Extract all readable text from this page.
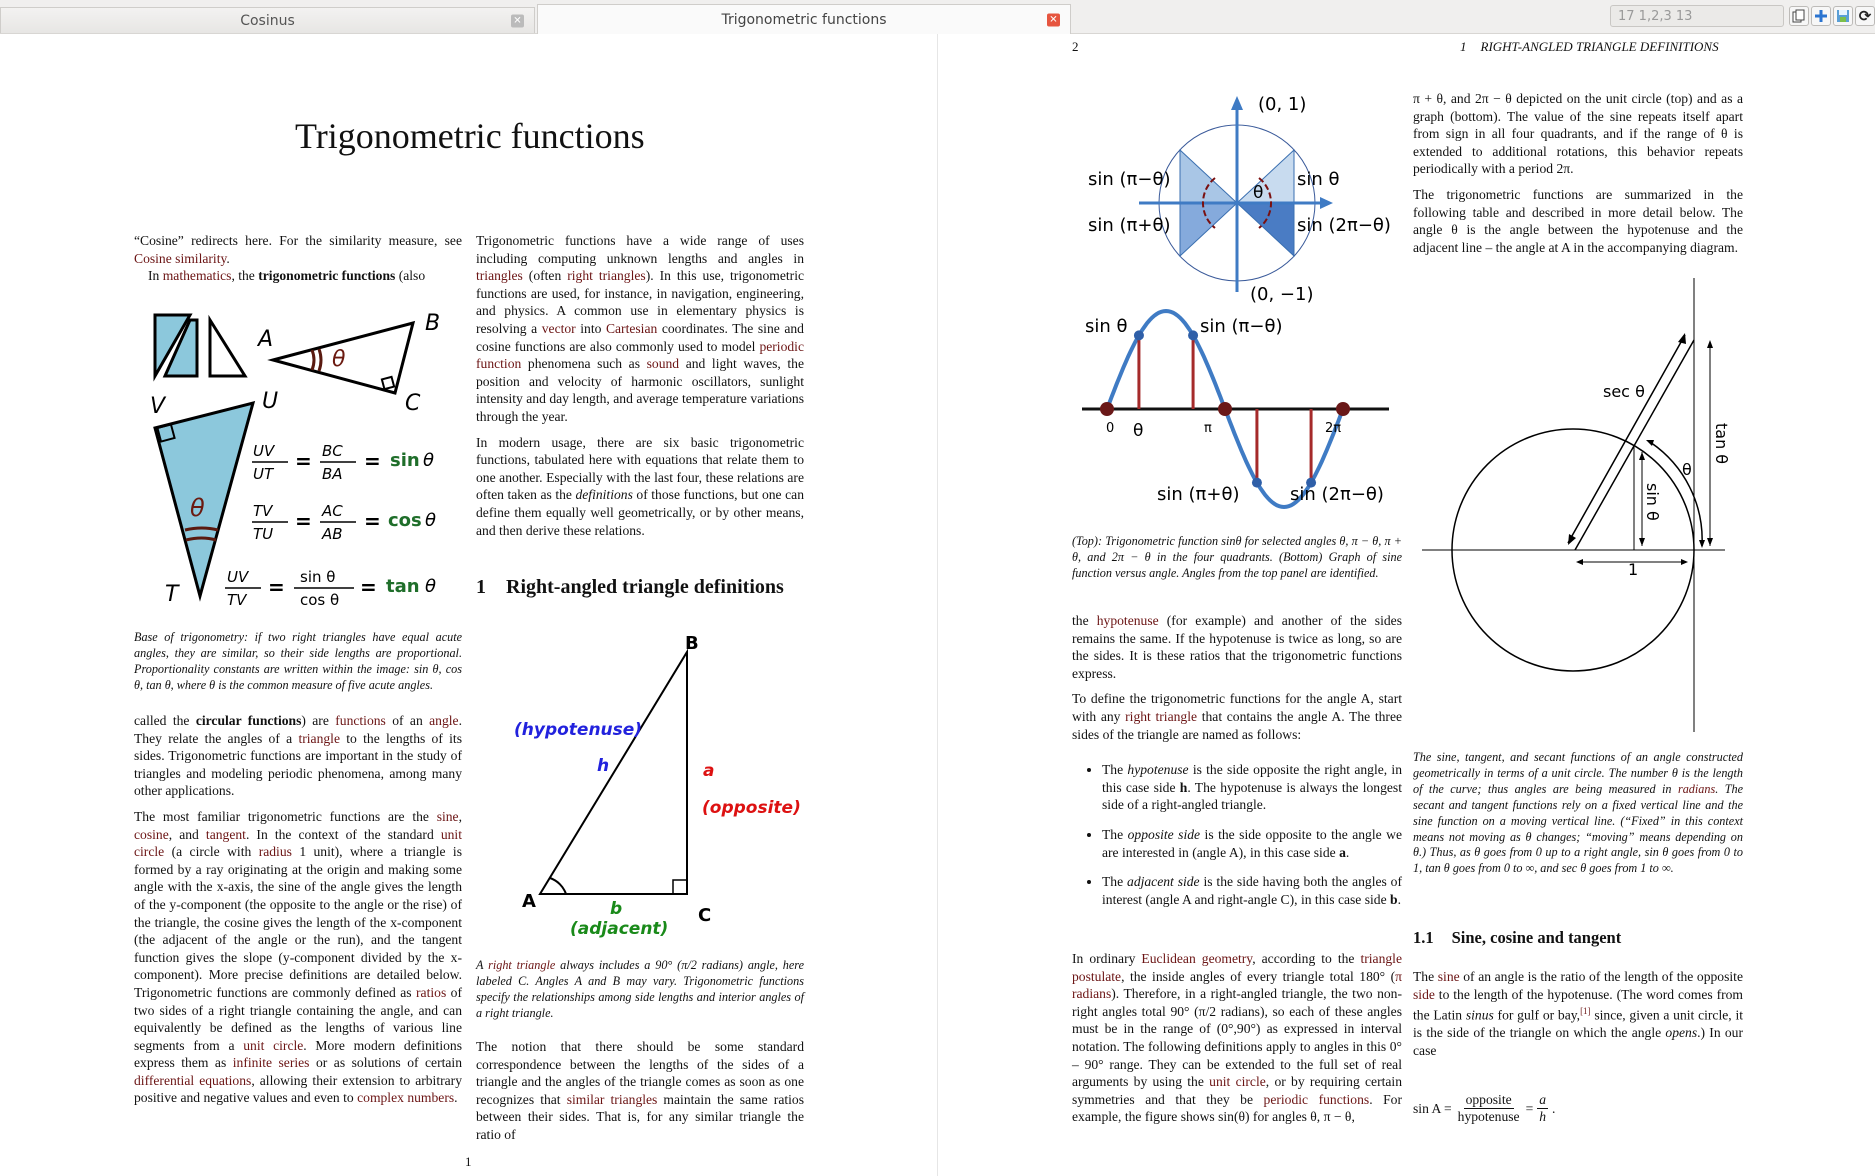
Cosinus	✕	Trigonometric functions	✕	17 1,2,3 13	⟳
Trigonometric functions

“Cosine” redirects here. For the similarity measure, see Cosine similarity.

In mathematics, the trigonometric functions (also

A
B
C
θ
V	U
T
θ
UV
UT
= BC
BA
= sin θ
TV
TU
= AC
AB
= cos θ
UV
TV
= sin θ
cos θ
= tan θ
Base of trigonometry: if two right triangles have equal acute angles, they are similar, so their side lengths are proportional. Proportionality constants are written within the image: sin θ, cos θ, tan θ, where θ is the common measure of five acute angles.

called the circular functions) are functions of an angle. They relate the angles of a triangle to the lengths of its sides. Trigonometric functions are important in the study of triangles and modeling periodic phenomena, among many other applications.

The most familiar trigonometric functions are the sine, cosine, and tangent. In the context of the standard unit circle (a circle with radius 1 unit), where a triangle is formed by a ray originating at the origin and making some angle with the x-axis, the sine of the angle gives the length of the y-component (the opposite to the angle or the rise) of the triangle, the cosine gives the length of the x-component (the adjacent of the angle or the run), and the tangent function gives the slope (y-component divided by the x-component). More precise definitions are detailed below. Trigonometric functions are commonly defined as ratios of two sides of a right triangle containing the angle, and can equivalently be defined as the lengths of various line segments from a unit circle. More modern definitions express them as infinite series or as solutions of certain differential equations, allowing their extension to arbitrary positive and negative values and even to complex numbers.

Trigonometric functions have a wide range of uses including computing unknown lengths and angles in triangles (often right triangles). In this use, trigonometric functions are used, for instance, in navigation, engineering, and physics. A common use in elementary physics is resolving a vector into Cartesian coordinates. The sine and cosine functions are also commonly used to model periodic function phenomena such as sound and light waves, the position and velocity of harmonic oscillators, sunlight intensity and day length, and average temperature variations through the year.

In modern usage, there are six basic trigonometric functions, tabulated here with equations that relate them to one another. Especially with the last four, these relations are often taken as the definitions of those functions, but one can define them equally well geometrically, or by other means, and then derive these relations.

1 Right-angled triangle definitions
A
B
C
(hypotenuse)
h	a
(opposite)
b
(adjacent)
A right triangle always includes a 90° (π/2 radians) angle, here labeled C. Angles A and B may vary. Trigonometric functions specify the relationships among side lengths and interior angles of a right triangle.

The notion that there should be some standard correspondence between the lengths of the sides of a triangle and the angles of the triangle comes as soon as one recognizes that similar triangles maintain the same ratios between their sides. That is, for any similar triangle the ratio of

1
2	1 RIGHT-ANGLED TRIANGLE DEFINITIONS
(0, 1)
(0, −1)
sin (π−θ)
sin (π+θ)
sin θ
sin (2π−θ)
θ
sin θ	sin (π−θ)
sin (π+θ)	sin (2π−θ)
0 θ	π	2π
(Top): Trigonometric function sinθ for selected angles θ, π − θ, π + θ, and 2π − θ in the four quadrants. (Bottom) Graph of sine function versus angle. Angles from the top panel are identified.

the hypotenuse (for example) and another of the sides remains the same. If the hypotenuse is twice as long, so are the sides. It is these ratios that the trigonometric functions express.

To define the trigonometric functions for the angle A, start with any right triangle that contains the angle A. The three sides of the triangle are named as follows:

• The hypotenuse is the side opposite the right angle, in this case side h. The hypotenuse is always the longest side of a right-angled triangle.
• The opposite side is the side opposite to the angle we are interested in (angle A), in this case side a.
• The adjacent side is the side having both the angles of interest (angle A and right-angle C), in this case side b.

In ordinary Euclidean geometry, according to the triangle postulate, the inside angles of every triangle total 180° (π radians). Therefore, in a right-angled triangle, the two non-right angles total 90° (π/2 radians), so each of these angles must be in the range of (0°,90°) as expressed in interval notation. The following definitions apply to angles in this 0° – 90° range. They can be extended to the full set of real arguments by using the unit circle, or by requiring certain symmetries and that they be periodic functions. For example, the figure shows sin(θ) for angles θ, π − θ,

π + θ, and 2π − θ depicted on the unit circle (top) and as a graph (bottom). The value of the sine repeats itself apart from sign in all four quadrants, and if the range of θ is extended to additional rotations, this behavior repeats periodically with a period 2π.

The trigonometric functions are summarized in the following table and described in more detail below. The angle θ is the angle between the hypotenuse and the adjacent line – the angle at A in the accompanying diagram.

sec θ
θ
1
sin θ
tan θ
The sine, tangent, and secant functions of an angle constructed geometrically in terms of a unit circle. The number θ is the length of the curve; thus angles are being measured in radians. The secant and tangent functions rely on a fixed vertical line and the sine function on a moving vertical line. (“Fixed” in this context means not moving as θ changes; “moving” means depending on θ.) Thus, as θ goes from 0 up to a right angle, sin θ goes from 0 to 1, tan θ goes from 0 to ∞, and sec θ goes from 1 to ∞.
1.1 Sine, cosine and tangent

The sine of an angle is the ratio of the length of the opposite side to the length of the hypotenuse. (The word comes from the Latin sinus for gulf or bay,[1] since, given a unit circle, it is the side of the triangle on which the angle opens.) In our case

sin A =
opposite
hypotenuse
= $\frac{a}{h}$ .
